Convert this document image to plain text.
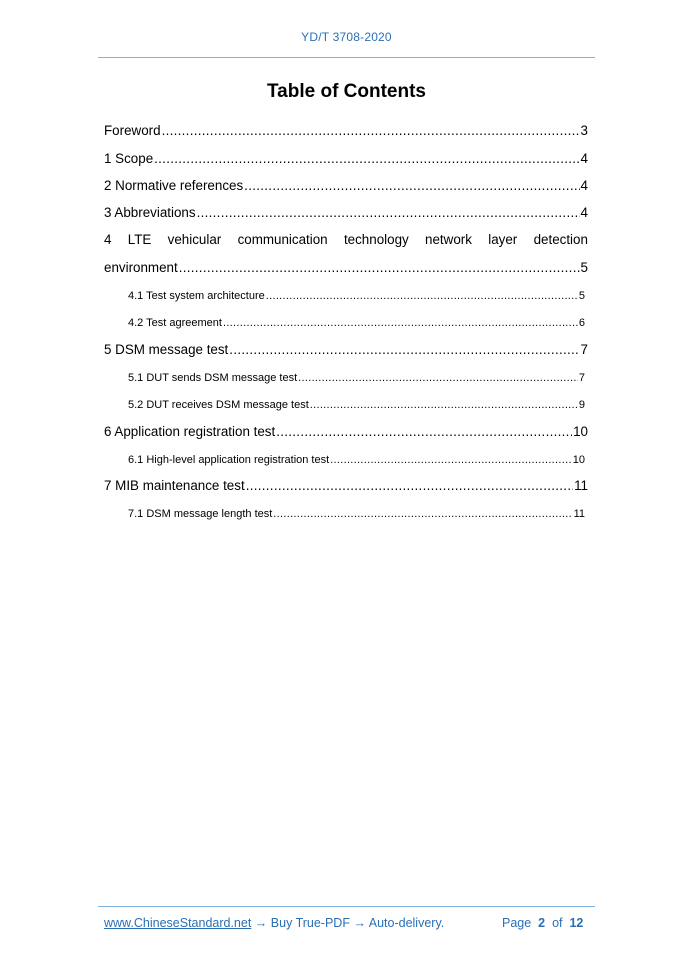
YD/T 3708-2020
Table of Contents
Foreword .....	3
1 Scope .....	4
2 Normative references .....	4
3 Abbreviations .....	4
4 LTE vehicular communication technology network layer detection
environment .....	5
4.1 Test system architecture .....	5
4.2 Test agreement .....	6
5 DSM message test .....	7
5.1 DUT sends DSM message test .....	7
5.2 DUT receives DSM message test .....	9
6 Application registration test .....	10
6.1 High-level application registration test .....	10
7 MIB maintenance test .....	11
7.1 DSM message length test .....	11
www.ChineseStandard.net → Buy True-PDF → Auto-delivery.	Page 2 of 12
